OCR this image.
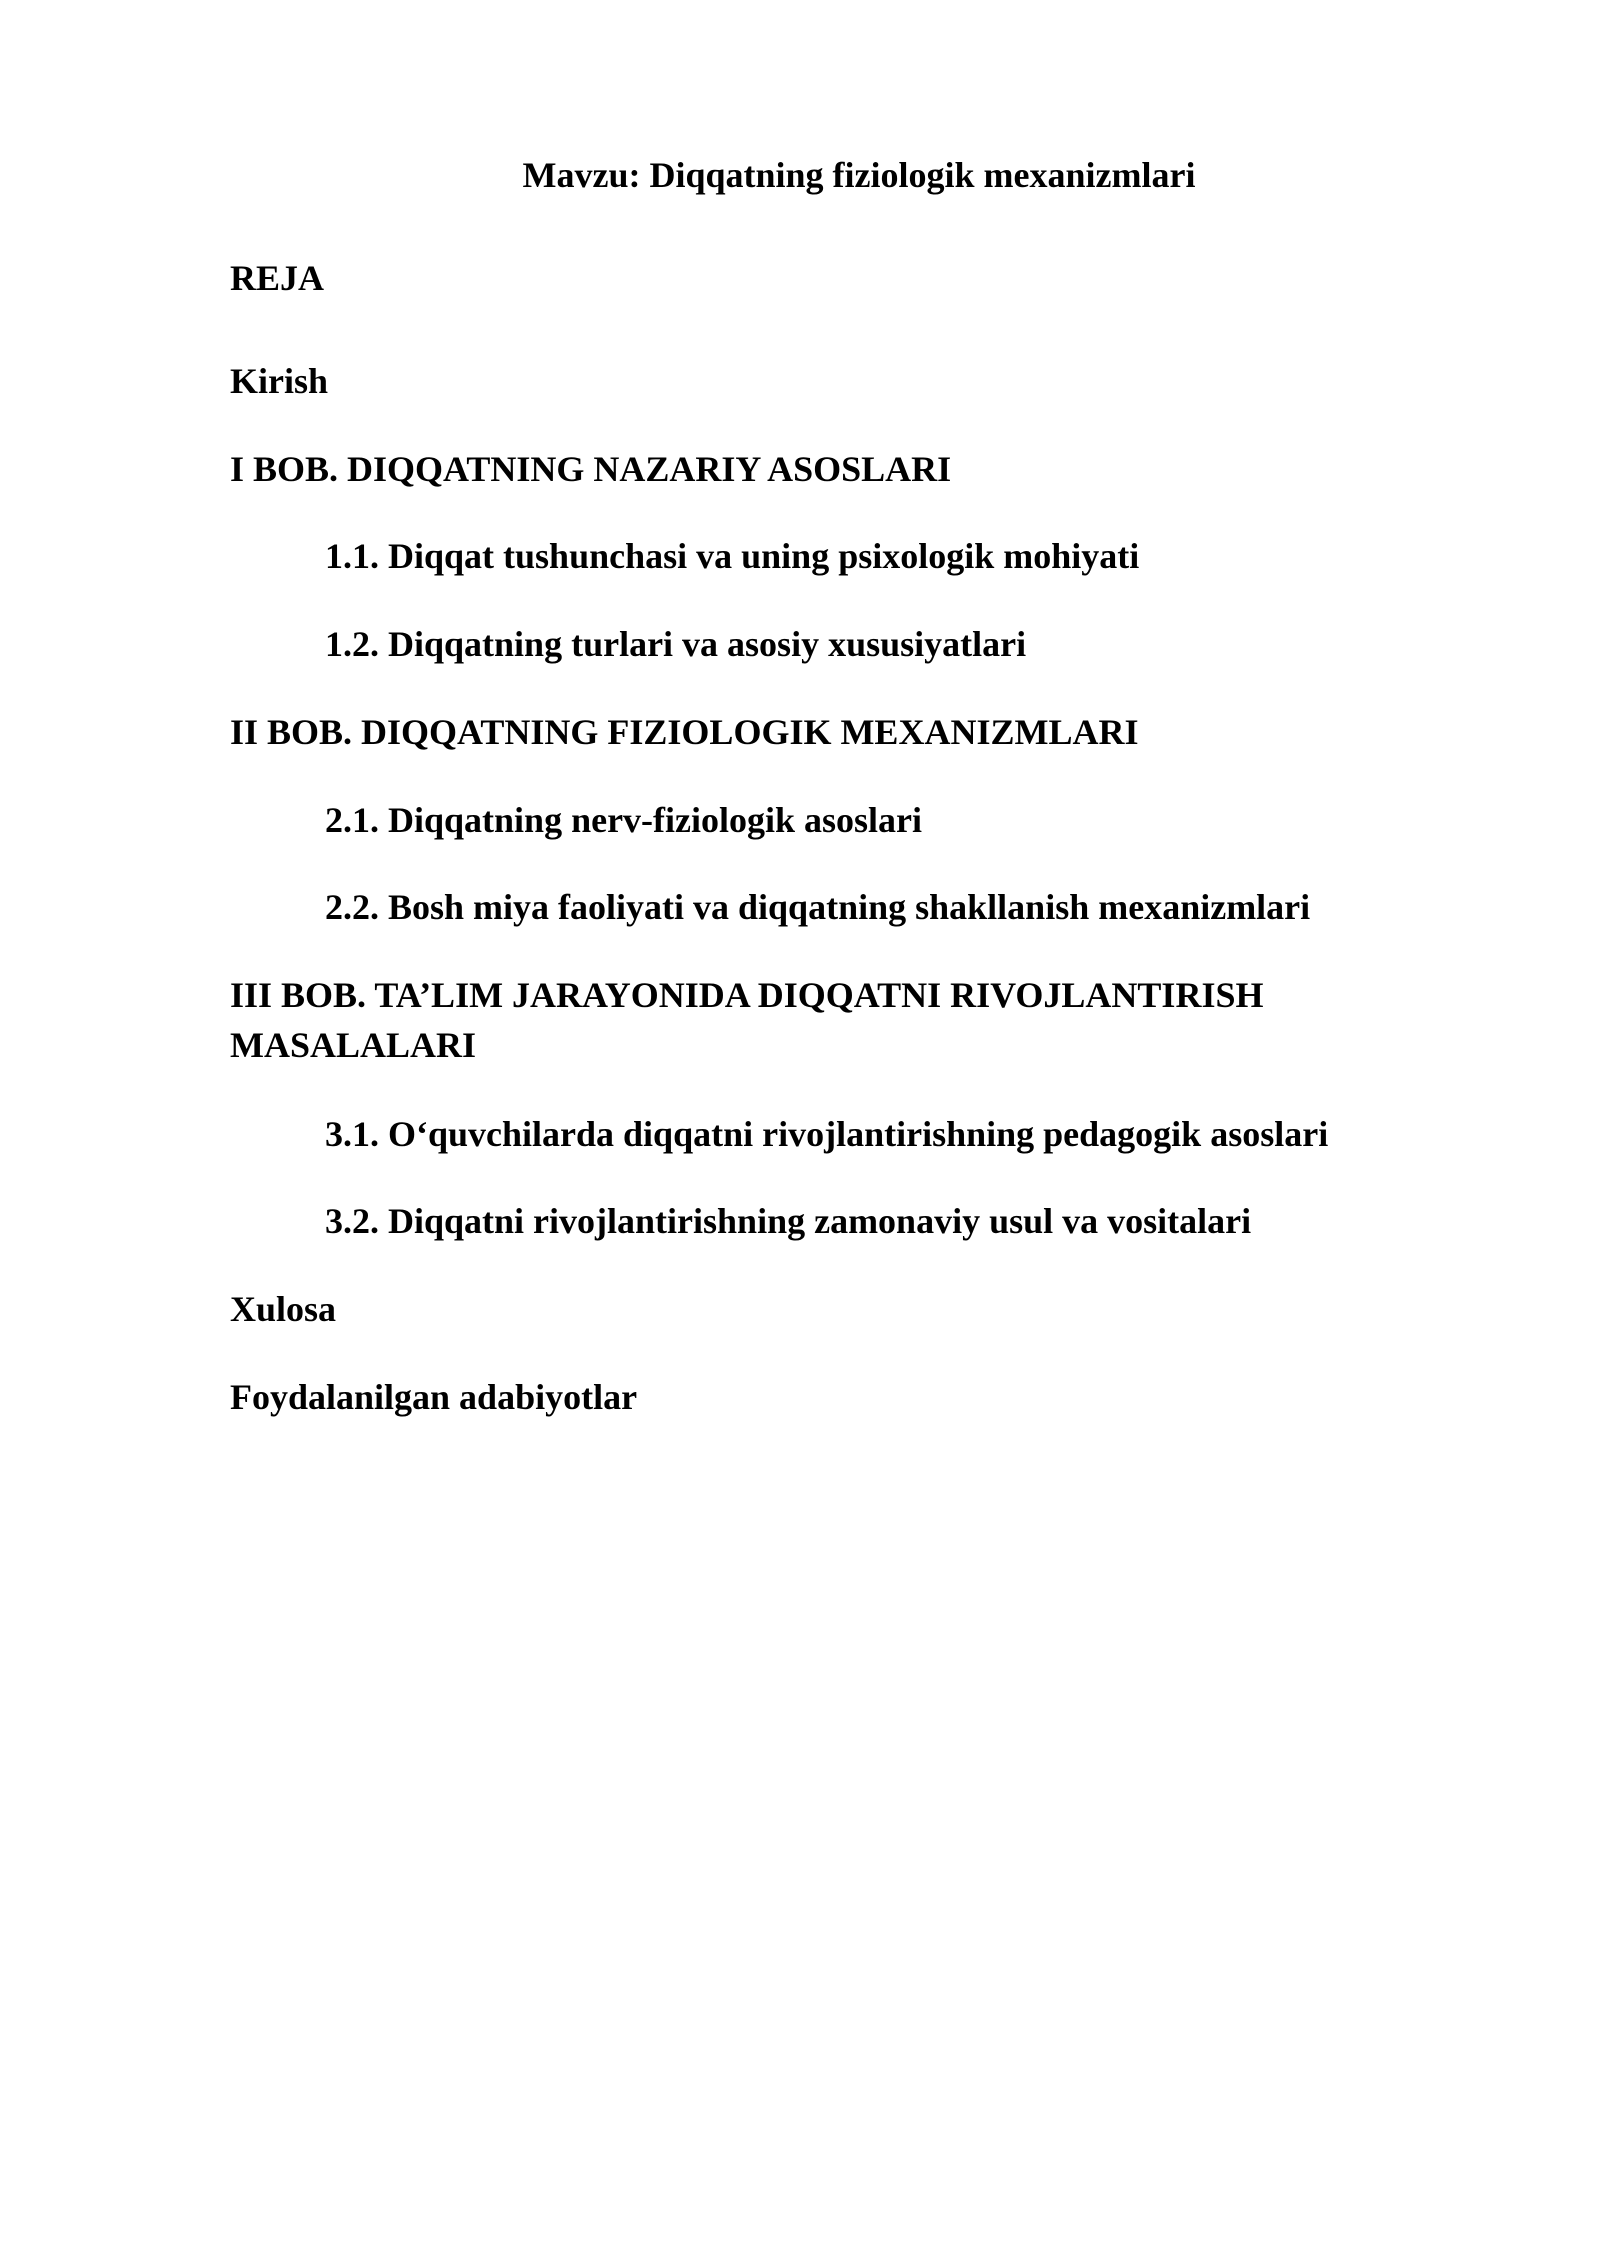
Mavzu: Diqqatning fiziologik mexanizmlari

REJA

Kirish

I BOB. DIQQATNING NAZARIY ASOSLARI

1.1. Diqqat tushunchasi va uning psixologik mohiyati

1.2. Diqqatning turlari va asosiy xususiyatlari

II BOB. DIQQATNING FIZIOLOGIK MEXANIZMLARI

2.1. Diqqatning nerv-fiziologik asoslari

2.2. Bosh miya faoliyati va diqqatning shakllanish mexanizmlari

III BOB. TA’LIM JARAYONIDA DIQQATNI RIVOJLANTIRISH MASALALARI

3.1. O‘quvchilarda diqqatni rivojlantirishning pedagogik asoslari

3.2. Diqqatni rivojlantirishning zamonaviy usul va vositalari

Xulosa

Foydalanilgan adabiyotlar
